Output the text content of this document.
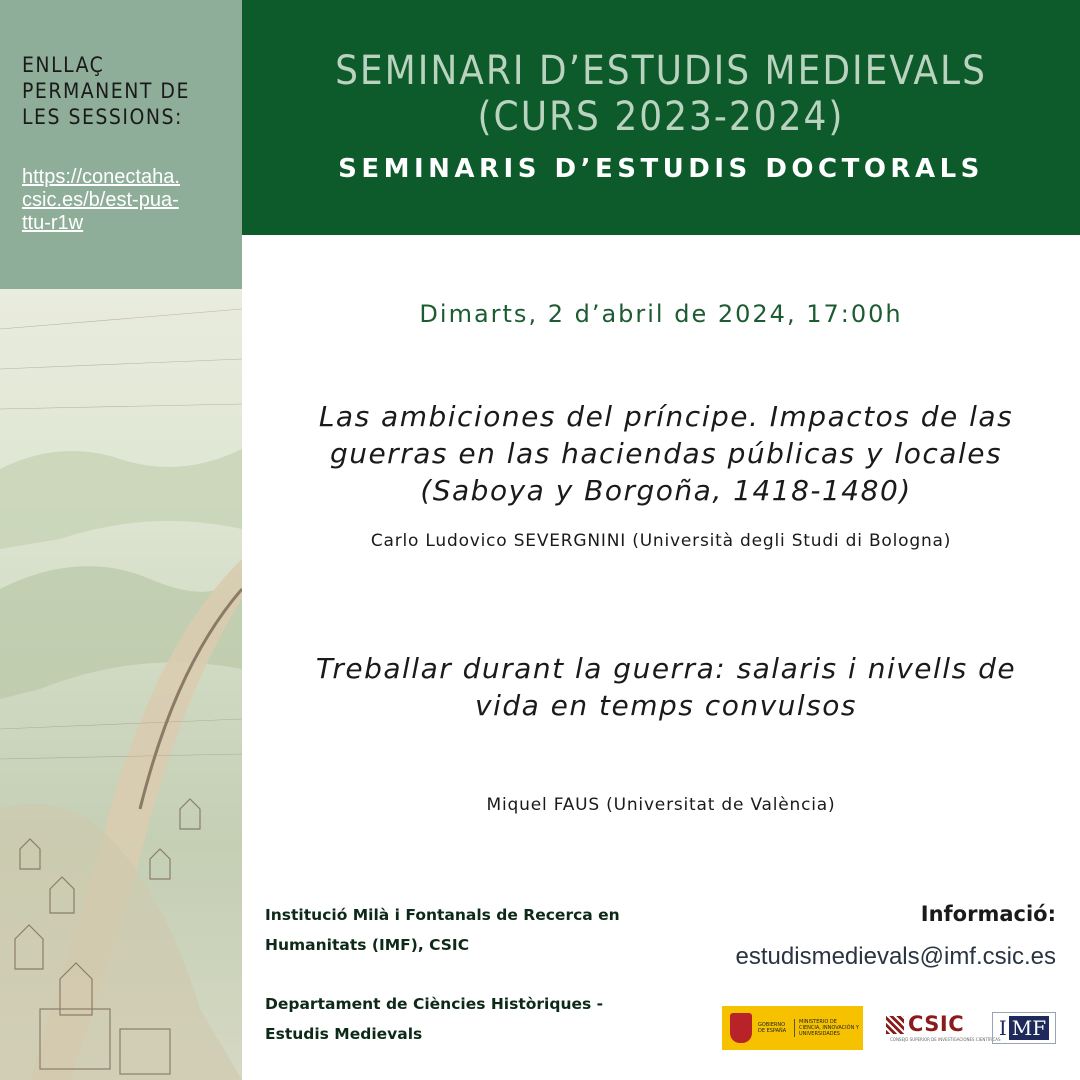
ENLLAÇ
PERMANENT DE
LES SESSIONS:
https://conectaha.
csic.es/b/est-pua-
ttu-r1w
SEMINARI D’ESTUDIS MEDIEVALS
(CURS 2023-2024)
SEMINARIS D’ESTUDIS DOCTORALS
Dimarts, 2 d’abril de 2024, 17:00h
Las ambiciones del príncipe. Impactos de las
guerras en las haciendas públicas y locales
(Saboya y Borgoña, 1418-1480)
Carlo Ludovico SEVERGNINI (Università degli Studi di Bologna)
Treballar durant la guerra: salaris i nivells de
vida en temps convulsos
Miquel FAUS (Universitat de València)
Institució Milà i Fontanals de Recerca en
Humanitats (IMF), CSIC
Departament de Ciències Històriques -
Estudis Medievals
Informació:
estudismedievals@imf.csic.es
GOBIERNO DE ESPAÑA
MINISTERIO DE CIENCIA, INNOVACIÓN Y UNIVERSIDADES	CSIC
CONSEJO SUPERIOR DE INVESTIGACIONES CIENTÍFICAS
I MF
